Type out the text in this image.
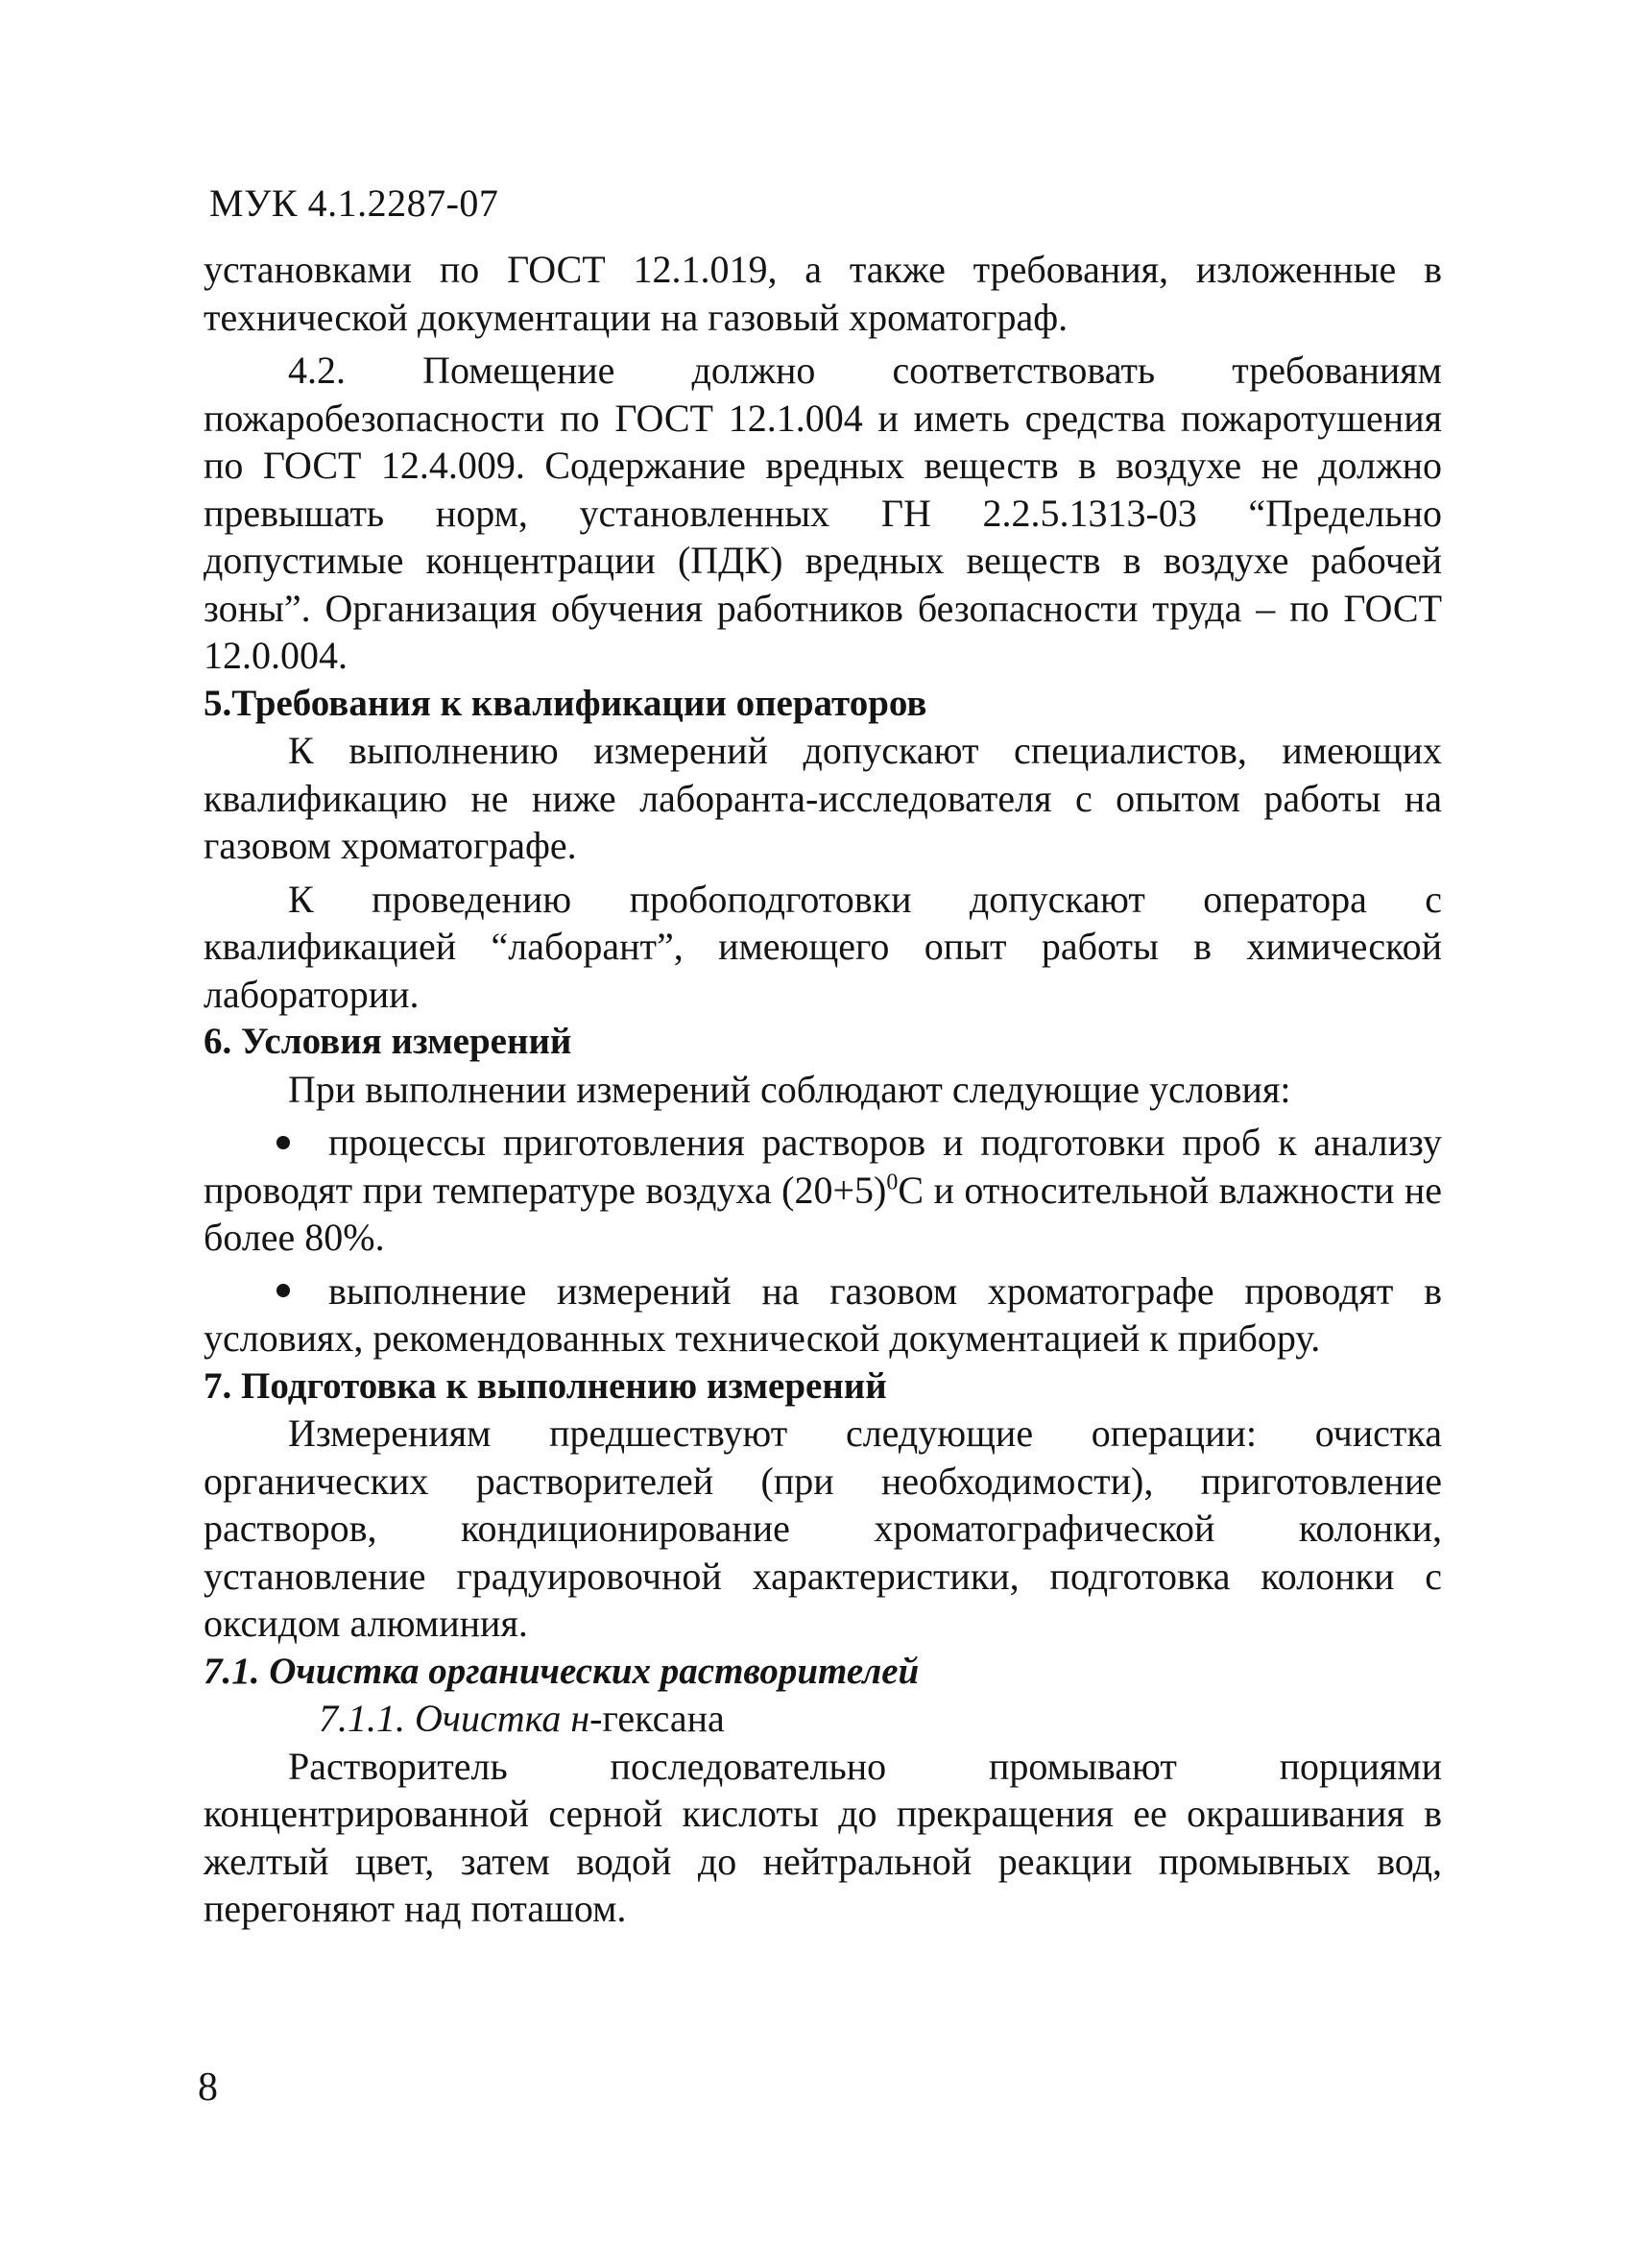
МУК 4.1.2287-07

установками по ГОСТ 12.1.019, а также требования, изложенные в технической документации на газовый хроматограф.

4.2. Помещение должно соответствовать требованиям пожаробезопасности по ГОСТ 12.1.004 и иметь средства пожаротушения по ГОСТ 12.4.009. Содержание вредных веществ в воздухе не должно превышать норм, установленных ГН 2.2.5.1313-03 “Предельно допустимые концентрации (ПДК) вредных веществ в воздухе рабочей зоны”. Организация обучения работников безопасности труда – по ГОСТ 12.0.004.

5.Требования к квалификации операторов

К выполнению измерений допускают специалистов, имеющих квалификацию не ниже лаборанта-исследователя с опытом работы на газовом хроматографе.

К проведению пробоподготовки допускают оператора с квалификацией “лаборант”, имеющего опыт работы в химической лаборатории.

6. Условия измерений

При выполнении измерений соблюдают следующие условия:

процессы приготовления растворов и подготовки проб к анализу проводят при температуре воздуха $(20+5)^0С$ и относительной влажности не более 80%.

выполнение измерений на газовом хроматографе проводят в условиях, рекомендованных технической документацией к прибору.

7. Подготовка к выполнению измерений

Измерениям предшествуют следующие операции: очистка органических растворителей (при необходимости), приготовление растворов, кондиционирование хроматографической колонки, установление градуировочной характеристики, подготовка колонки с оксидом алюминия.

7.1. Очистка органических растворителей

7.1.1. Очистка н-гексана

Растворитель последовательно промывают порциями концентрированной серной кислоты до прекращения ее окрашивания в желтый цвет, затем водой до нейтральной реакции промывных вод, перегоняют над поташом.

8
